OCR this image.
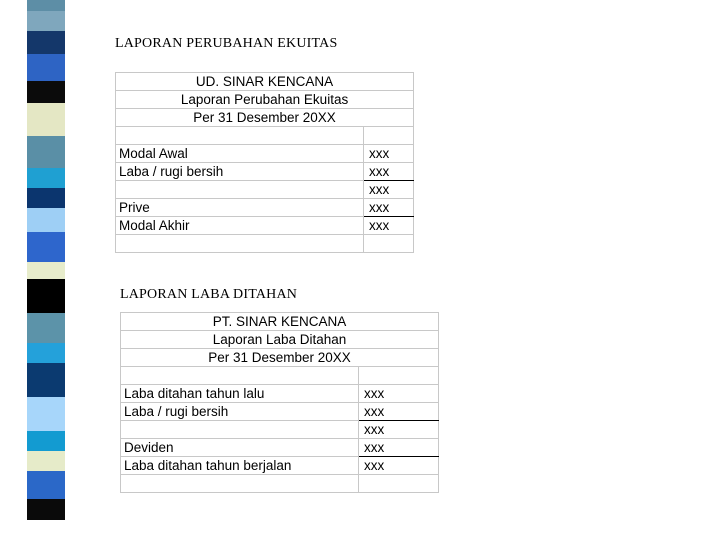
LAPORAN PERUBAHAN EKUITAS
UD. SINAR KENCANA	
Laporan Perubahan Ekuitas	
Per 31 Desember 20XX	

Modal Awal	xxx
Laba / rugi bersih	xxx
	xxx
Prive	xxx
Modal Akhir	xxx

LAPORAN LABA DITAHAN
PT. SINAR KENCANA	
Laporan Laba Ditahan	
Per 31 Desember 20XX	

Laba ditahan tahun lalu	xxx
Laba / rugi bersih	xxx
	xxx
Deviden	xxx
Laba ditahan tahun berjalan	xxx
